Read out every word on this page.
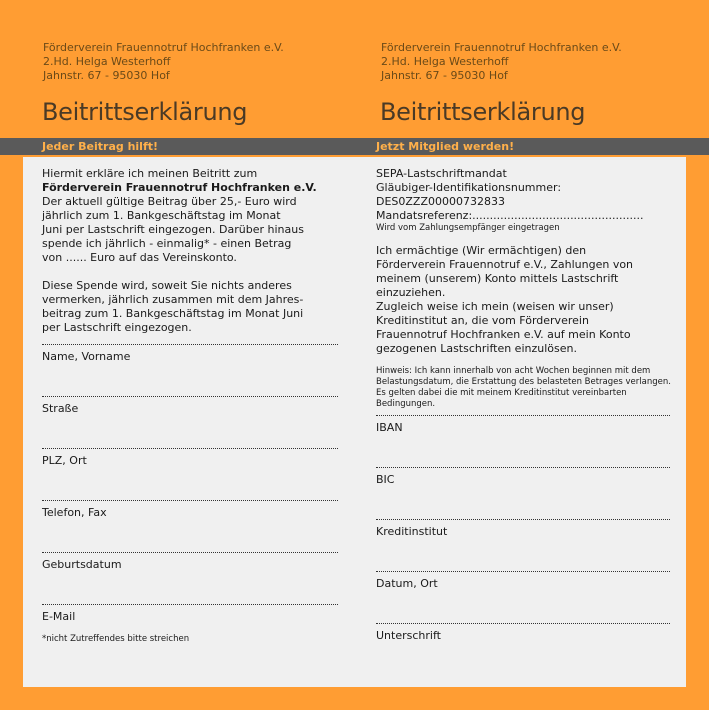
Förderverein Frauennotruf Hochfranken e.V.
2.Hd. Helga Westerhoff
Jahnstr. 67 - 95030 Hof
Förderverein Frauennotruf Hochfranken e.V.
2.Hd. Helga Westerhoff
Jahnstr. 67 - 95030 Hof
Beitrittserklärung	Beitrittserklärung
Jeder Beitrag hilft!	Jetzt Mitglied werden!

Hiermit erkläre ich meinen Beitritt zum

Förderverein Frauennotruf Hochfranken e.V.

Der aktuell gültige Beitrag über 25,- Euro wird

jährlich zum 1. Bankgeschäftstag im Monat

Juni per Lastschrift eingezogen. Darüber hinaus

spende ich jährlich - einmalig* - einen Betrag

von ...... Euro auf das Vereinskonto.

Diese Spende wird, soweit Sie nichts anderes

vermerken, jährlich zusammen mit dem Jahres-

beitrag zum 1. Bankgeschäftstag im Monat Juni

per Lastschrift eingezogen.

Name, Vorname
Straße
PLZ, Ort
Telefon, Fax
Geburtsdatum
E-Mail
*nicht Zutreffendes bitte streichen

SEPA-Lastschriftmandat

Gläubiger-Identifikationsnummer:

DES0ZZZ00000732833

Mandatsreferenz:.................................................

Wird vom Zahlungsempfänger eingetragen

Ich ermächtige (Wir ermächtigen) den

Förderverein Frauennotruf e.V., Zahlungen von

meinem (unserem) Konto mittels Lastschrift

einzuziehen.

Zugleich weise ich mein (weisen wir unser)

Kreditinstitut an, die vom Förderverein

Frauennotruf Hochfranken e.V. auf mein Konto

gezogenen Lastschriften einzulösen.

Hinweis: Ich kann innerhalb von acht Wochen beginnen mit dem

Belastungsdatum, die Erstattung des belasteten Betrages verlangen.

Es gelten dabei die mit meinem Kreditinstitut vereinbarten

Bedingungen.

IBAN
BIC
Kreditinstitut
Datum, Ort
Unterschrift
